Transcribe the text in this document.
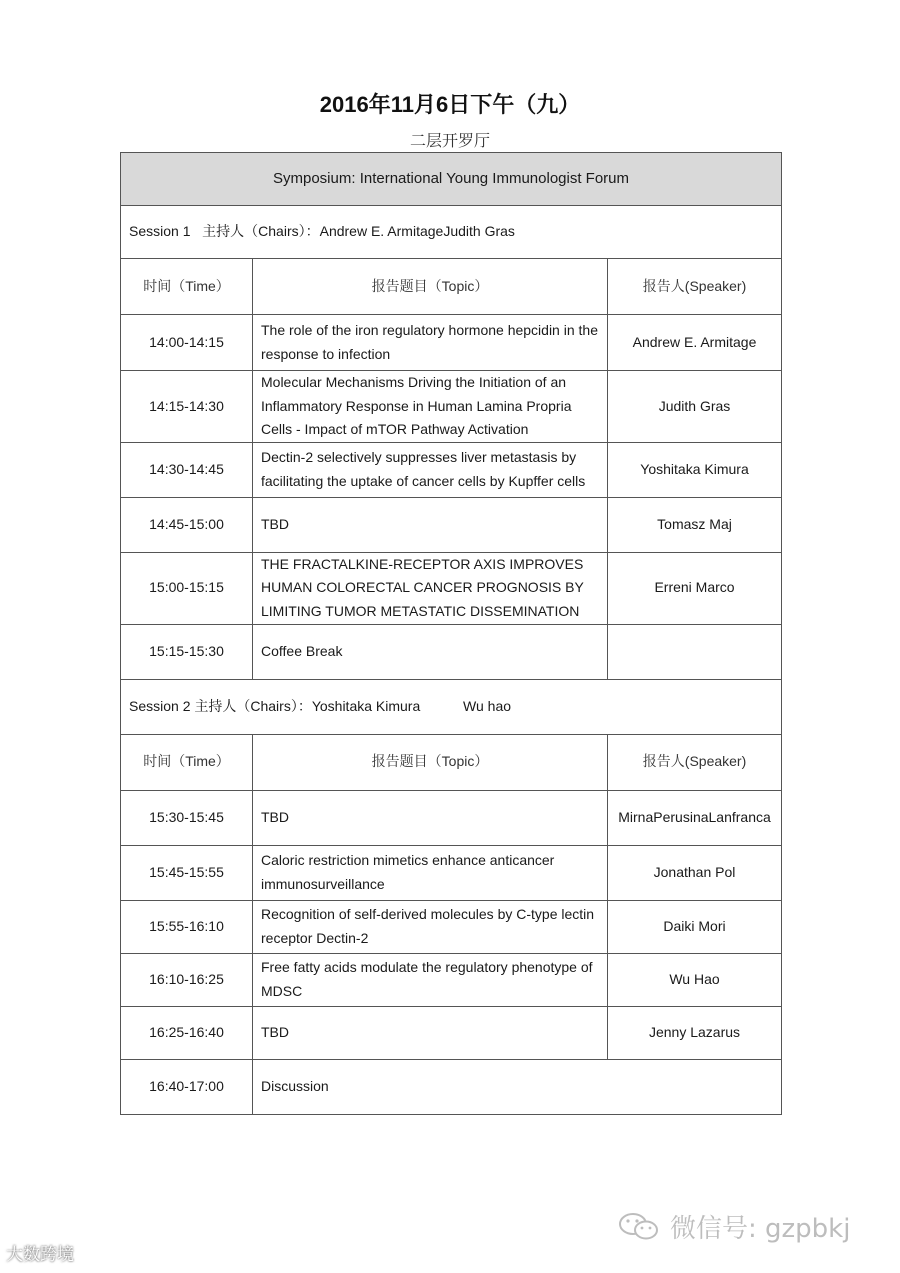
2016年11月6日下午（九）
二层开罗厅
Symposium: International Young Immunologist Forum		
Session 1   主持人（Chairs）：Andrew E. ArmitageJudith Gras		
时间（Time）	报告题目（Topic）	报告人(Speaker)
14:00-14:15	The role of the iron regulatory hormone hepcidin in the response to infection	Andrew E. Armitage
14:15-14:30	Molecular Mechanisms Driving the Initiation of an Inflammatory Response in Human Lamina Propria Cells - Impact of mTOR Pathway Activation	Judith Gras
14:30-14:45	Dectin-2 selectively suppresses liver metastasis by facilitating the uptake of cancer cells by Kupffer cells	Yoshitaka Kimura
14:45-15:00	TBD	Tomasz Maj
15:00-15:15	THE FRACTALKINE-RECEPTOR AXIS IMPROVES HUMAN COLORECTAL CANCER PROGNOSIS BY LIMITING TUMOR METASTATIC DISSEMINATION	Erreni Marco
15:15-15:30	Coffee Break	
Session 2 主持人（Chairs）：Yoshitaka Kimura           Wu hao		
时间（Time）	报告题目（Topic）	报告人(Speaker)
15:30-15:45	TBD	MirnaPerusinaLanfranca
15:45-15:55	Caloric restriction mimetics enhance anticancer immunosurveillance	Jonathan Pol
15:55-16:10	Recognition of self-derived molecules by C-type lectin receptor Dectin-2	Daiki Mori
16:10-16:25	Free fatty acids modulate the regulatory phenotype of MDSC	Wu Hao
16:25-16:40	TBD	Jenny Lazarus
16:40-17:00	Discussion	
微信号: gzpbkj
大数跨境
